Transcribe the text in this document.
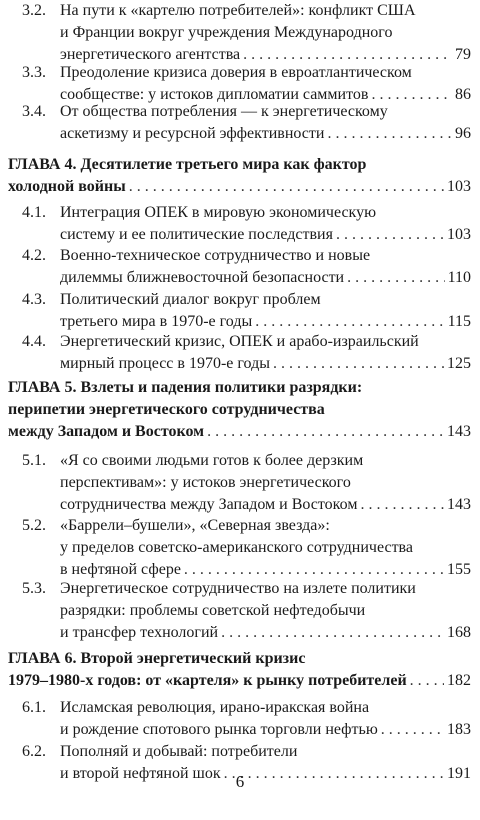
3.2. На пути к «картелю потребителей»: конфликт США
и Франции вокруг учреждения Международного
энергетического агентства . . .	79
3.3. Преодоление кризиса доверия в евроатлантическом
сообществе: у истоков дипломатии саммитов . . .	86
3.4. От общества потребления — к энергетическому
аскетизму и ресурсной эффективности . . .	96
ГЛАВА 4. Десятилетие третьего мира как фактор
холодной войны . . .	103
4.1. Интеграция ОПЕК в мировую экономическую
систему и ее политические последствия . . .	103
4.2. Военно-техническое сотрудничество и новые
дилеммы ближневосточной безопасности . . .	110
4.3. Политический диалог вокруг проблем
третьего мира в 1970-е годы . . .	115
4.4. Энергетический кризис, ОПЕК и арабо-израильский
мирный процесс в 1970-е годы . . .	125
ГЛАВА 5. Взлеты и падения политики разрядки:
перипетии энергетического сотрудничества
между Западом и Востоком . . .	143
5.1. «Я со своими людьми готов к более дерзким
перспективам»: у истоков энергетического
сотрудничества между Западом и Востоком . . .	143
5.2. «Баррели–бушели», «Северная звезда»:
у пределов советско-американского сотрудничества
в нефтяной сфере . . .	155
5.3. Энергетическое сотрудничество на излете политики
разрядки: проблемы советской нефтедобычи
и трансфер технологий . . .	168
ГЛАВА 6. Второй энергетический кризис
1979–1980-х годов: от «картеля» к рынку потребителей . . .	182
6.1. Исламская революция, ирано-иракская война
и рождение спотового рынка торговли нефтью . . .	183
6.2. Пополняй и добывай: потребители
и второй нефтяной шок . . .	191
6
